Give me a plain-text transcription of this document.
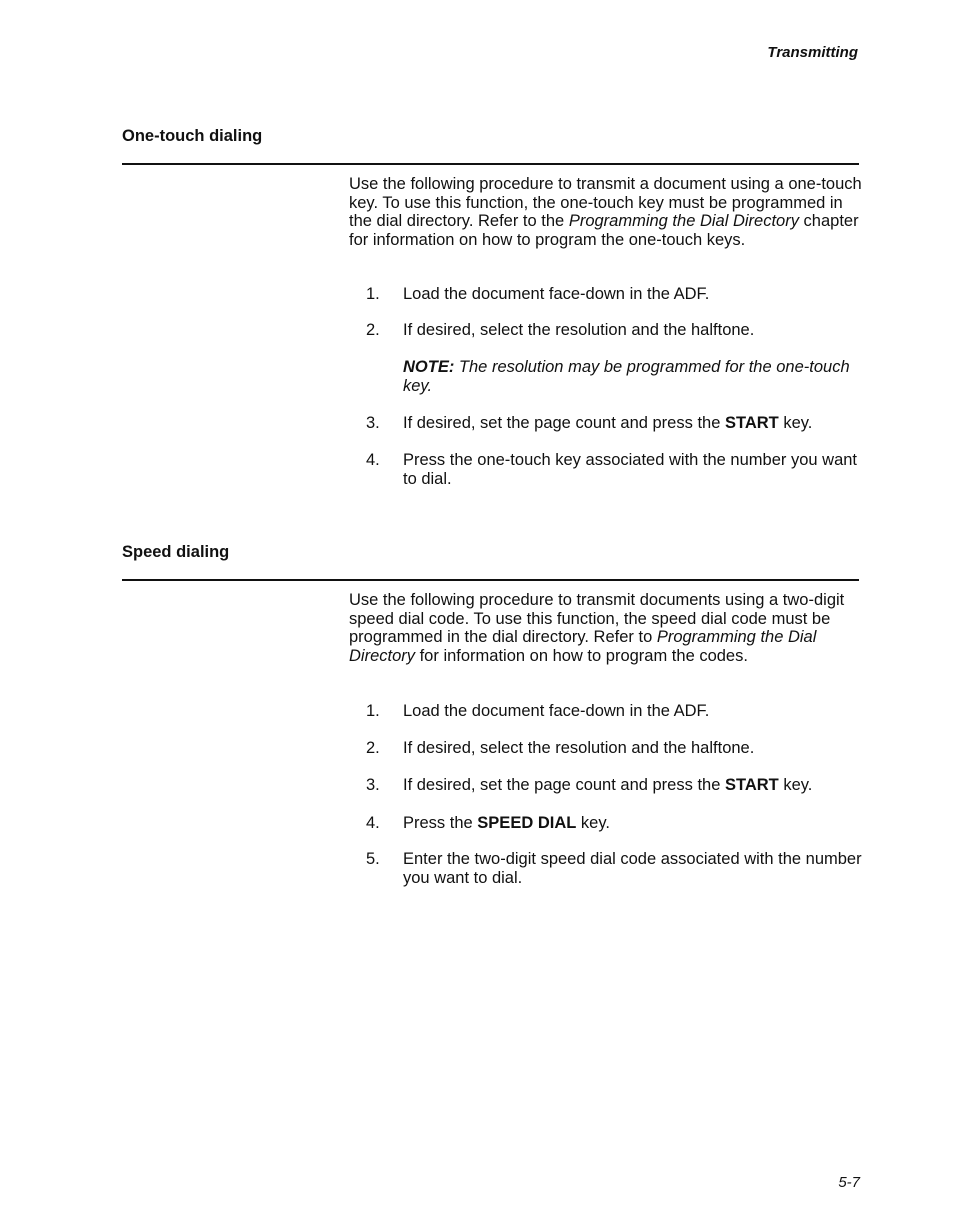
Transmitting
One-touch dialing

Use the following procedure to transmit a document using a one-touch key. To use this function, the one-touch key must be programmed in the dial directory. Refer to the Programming the Dial Directory chapter for information on how to program the one-touch keys.

1. Load the document face-down in the ADF.
2. If desired, select the resolution and the halftone.
NOTE: The resolution may be programmed for the one-touch key.
3. If desired, set the page count and press the START key.
4. Press the one-touch key associated with the number you want to dial.
Speed dialing

Use the following procedure to transmit documents using a two-digit speed dial code. To use this function, the speed dial code must be programmed in the dial directory. Refer to Programming the Dial Directory for information on how to program the codes.

1. Load the document face-down in the ADF.
2. If desired, select the resolution and the halftone.
3. If desired, set the page count and press the START key.
4. Press the SPEED DIAL key.
5. Enter the two-digit speed dial code associated with the number you want to dial.
5-7
